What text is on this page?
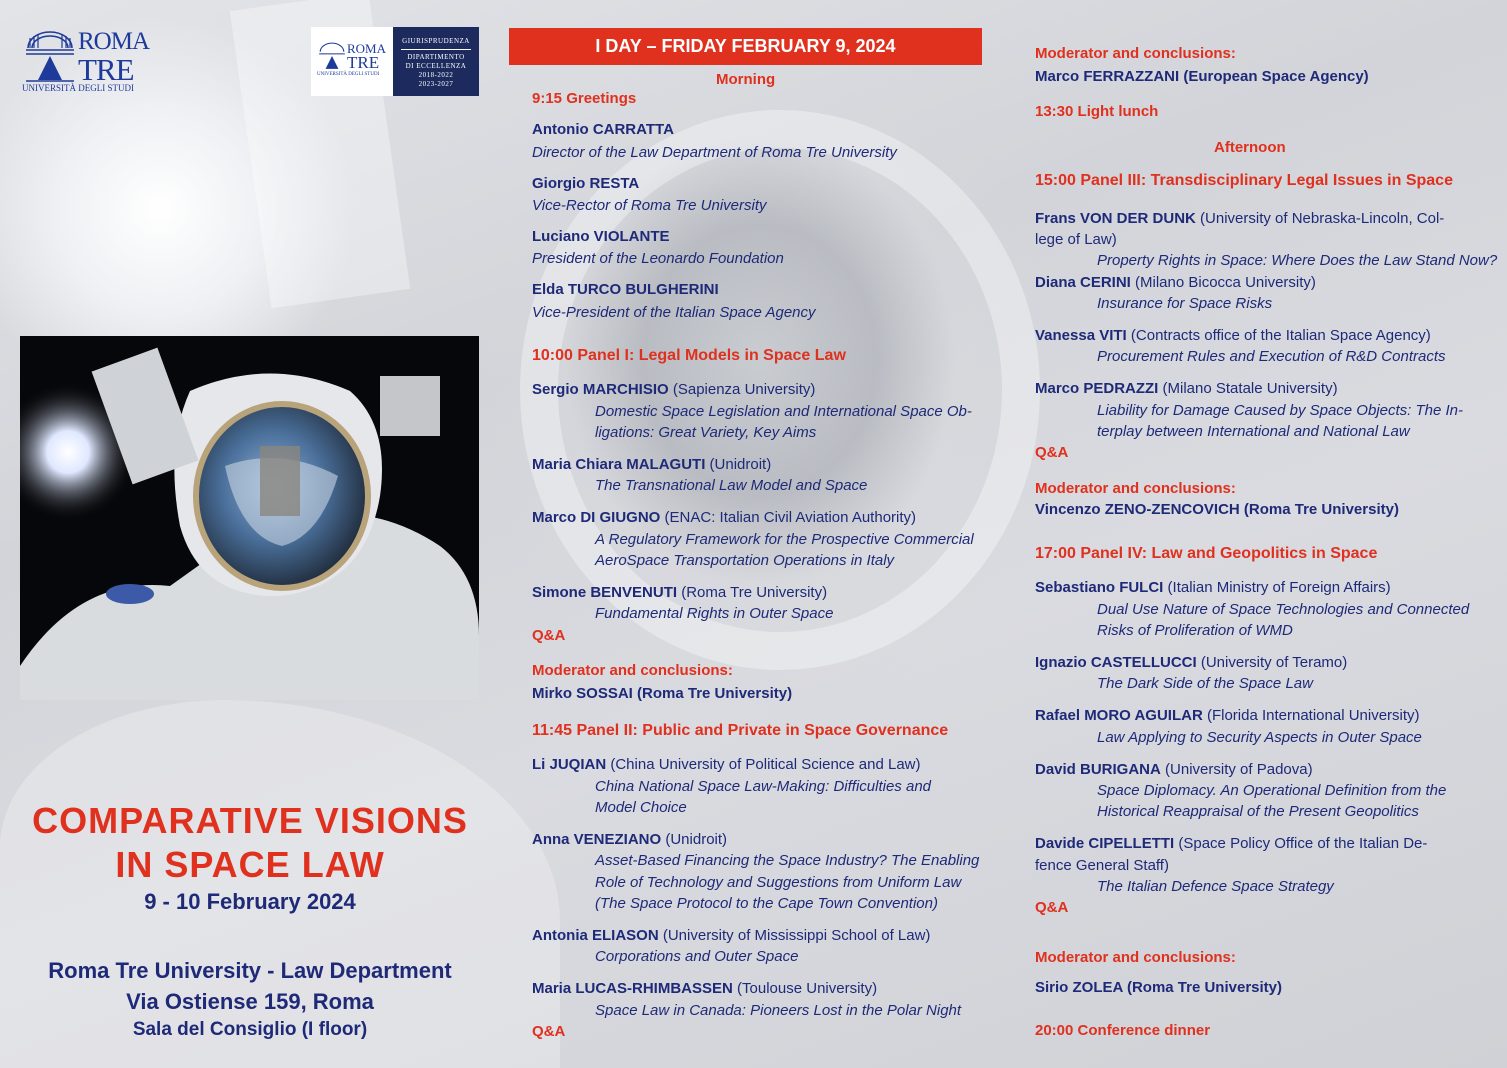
ROMA
TRE
UNIVERSITÀ DEGLI STUDI
ROMA
TRE
UNIVERSITÀ DEGLI STUDI
GIURISPRUDENZA
DIPARTIMENTO
DI ECCELLENZA
2018-2022
2023-2027
COMPARATIVE VISIONS
IN SPACE LAW
9 - 10 February 2024
Roma Tre University - Law Department
Via Ostiense 159, Roma
Sala del Consiglio (I floor)
I DAY – FRIDAY FEBRUARY 9, 2024
Morning
9:15 Greetings
Antonio CARRATTA
Director of the Law Department of Roma Tre University
Giorgio RESTA
Vice-Rector of Roma Tre University
Luciano VIOLANTE
President of the Leonardo Foundation
Elda TURCO BULGHERINI
Vice-President of the Italian Space Agency
10:00 Panel I: Legal Models in Space Law
Sergio MARCHISIO (Sapienza University)
Domestic Space Legislation and International Space Ob-
ligations: Great Variety, Key Aims
Maria Chiara MALAGUTI (Unidroit)
The Transnational Law Model and Space
Marco DI GIUGNO (ENAC: Italian Civil Aviation Authority)
A Regulatory Framework for the Prospective Commercial
AeroSpace Transportation Operations in Italy
Simone BENVENUTI (Roma Tre University)
Fundamental Rights in Outer Space
Q&A
Moderator and conclusions:
Mirko SOSSAI (Roma Tre University)
11:45 Panel II: Public and Private in Space Governance
Li JUQIAN (China University of Political Science and Law)
China National Space Law-Making: Difficulties and
Model Choice
Anna VENEZIANO (Unidroit)
Asset-Based Financing the Space Industry? The Enabling
Role of Technology and Suggestions from Uniform Law
(The Space Protocol to the Cape Town Convention)
Antonia ELIASON (University of Mississippi School of Law)
Corporations and Outer Space
Maria LUCAS-RHIMBASSEN (Toulouse University)
Space Law in Canada: Pioneers Lost in the Polar Night
Q&A
Moderator and conclusions:
Marco FERRAZZANI (European Space Agency)
13:30 Light lunch
Afternoon
15:00 Panel III: Transdisciplinary Legal Issues in Space
Frans VON DER DUNK (University of Nebraska-Lincoln, Col-
lege of Law)
Property Rights in Space: Where Does the Law Stand Now?
Diana CERINI (Milano Bicocca University)
Insurance for Space Risks
Vanessa VITI (Contracts office of the Italian Space Agency)
Procurement Rules and Execution of R&D Contracts
Marco PEDRAZZI (Milano Statale University)
Liability for Damage Caused by Space Objects: The In-
terplay between International and National Law
Q&A
Moderator and conclusions:
Vincenzo ZENO-ZENCOVICH (Roma Tre University)
17:00 Panel IV: Law and Geopolitics in Space
Sebastiano FULCI (Italian Ministry of Foreign Affairs)
Dual Use Nature of Space Technologies and Connected
Risks of Proliferation of WMD
Ignazio CASTELLUCCI (University of Teramo)
The Dark Side of the Space Law
Rafael MORO AGUILAR (Florida International University)
Law Applying to Security Aspects in Outer Space
David BURIGANA (University of Padova)
Space Diplomacy. An Operational Definition from the
Historical Reappraisal of the Present Geopolitics
Davide CIPELLETTI (Space Policy Office of the Italian De-
fence General Staff)
The Italian Defence Space Strategy
Q&A
Moderator and conclusions:
Sirio ZOLEA (Roma Tre University)
20:00 Conference dinner
